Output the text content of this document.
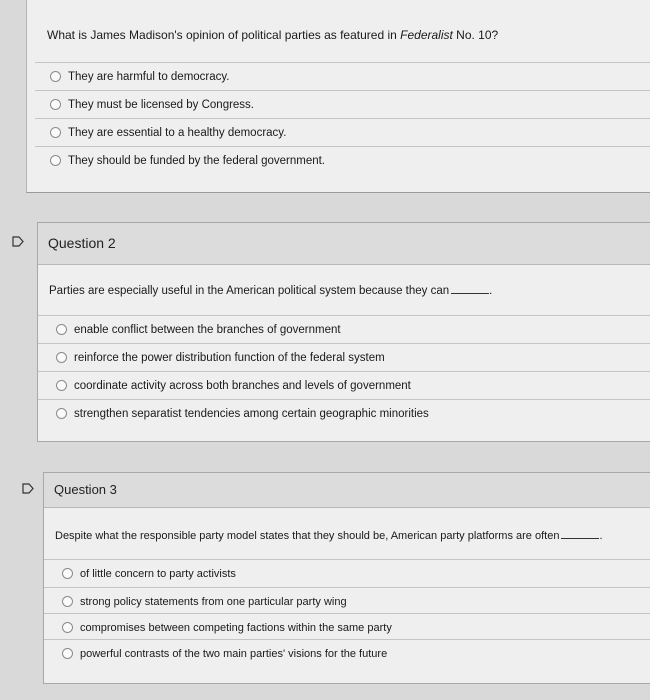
What is James Madison's opinion of political parties as featured in Federalist No. 10?
They are harmful to democracy.
They must be licensed by Congress.
They are essential to a healthy democracy.
They should be funded by the federal government.
Question 2
Parties are especially useful in the American political system because they can	.
enable conflict between the branches of government
reinforce the power distribution function of the federal system
coordinate activity across both branches and levels of government
strengthen separatist tendencies among certain geographic minorities
Question 3
Despite what the responsible party model states that they should be, American party platforms are often	.
of little concern to party activists
strong policy statements from one particular party wing
compromises between competing factions within the same party
powerful contrasts of the two main parties' visions for the future
